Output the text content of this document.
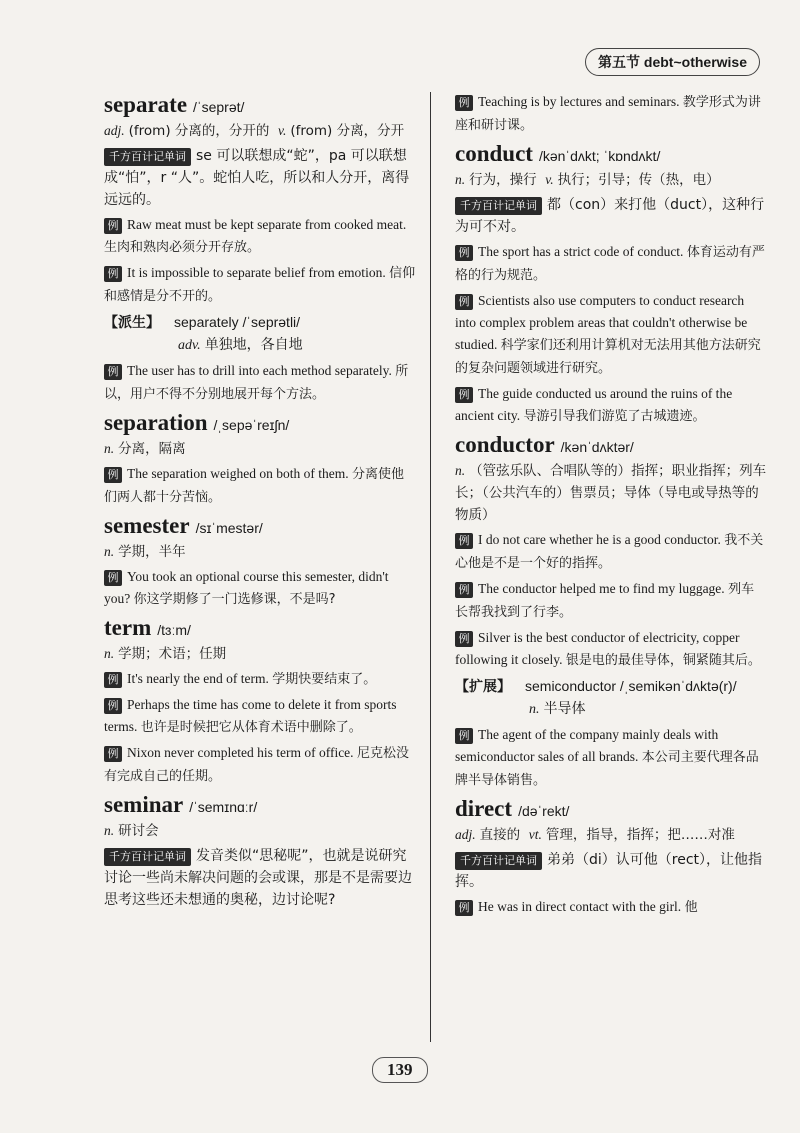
第五节 debt~otherwise
separate /ˈseprət/
adj. (from) 分离的，分开的 v. (from) 分离，分开
千方百计记单词 se 可以联想成“蛇”，pa 可以联想成“怕”，r “人”。蛇怕人吃，所以和人分开，离得远远的。
例 Raw meat must be kept separate from cooked meat. 生肉和熟肉必须分开存放。
例 It is impossible to separate belief from emotion. 信仰和感情是分不开的。
【派生】 separately /ˈseprətli/
adv. 单独地，各自地
例 The user has to drill into each method separately. 所以，用户不得不分别地展开每个方法。
separation /ˌsepəˈreɪʃn/
n. 分离，隔离
例 The separation weighed on both of them. 分离使他们两人都十分苦恼。
semester /sɪˈmestər/
n. 学期，半年
例 You took an optional course this semester, didn't you? 你这学期修了一门选修课，不是吗?
term /tɜːm/
n. 学期；术语；任期
例 It's nearly the end of term. 学期快要结束了。
例 Perhaps the time has come to delete it from sports terms. 也许是时候把它从体育术语中删除了。
例 Nixon never completed his term of office. 尼克松没有完成自己的任期。
seminar /ˈsemɪnɑːr/
n. 研讨会
千方百计记单词 发音类似“思秘呢”，也就是说研究讨论一些尚未解决问题的会或课，那是不是需要边思考这些还未想通的奥秘，边讨论呢?
例 Teaching is by lectures and seminars. 教学形式为讲座和研讨课。
conduct /kənˈdʌkt; ˈkɒndʌkt/
n. 行为，操行 v. 执行；引导；传（热，电）
千方百计记单词 都（con）来打他（duct），这种行为可不对。
例 The sport has a strict code of conduct. 体育运动有严格的行为规范。
例 Scientists also use computers to conduct research into complex problem areas that couldn't otherwise be studied. 科学家们还利用计算机对无法用其他方法研究的复杂问题领域进行研究。
例 The guide conducted us around the ruins of the ancient city. 导游引导我们游览了古城遗迹。
conductor /kənˈdʌktər/
n. （管弦乐队、合唱队等的）指挥；职业指挥；列车长；（公共汽车的）售票员；导体（导电或导热等的物质）
例 I do not care whether he is a good conductor. 我不关心他是不是一个好的指挥。
例 The conductor helped me to find my luggage. 列车长帮我找到了行李。
例 Silver is the best conductor of electricity, copper following it closely. 银是电的最佳导体，铜紧随其后。
【扩展】 semiconductor /ˌsemikənˈdʌktə(r)/
n. 半导体
例 The agent of the company mainly deals with semiconductor sales of all brands. 本公司主要代理各品牌半导体销售。
direct /dəˈrekt/
adj. 直接的 vt. 管理，指导，指挥；把……对准
千方百计记单词 弟弟（di）认可他（rect），让他指挥。
例 He was in direct contact with the girl. 他
139
